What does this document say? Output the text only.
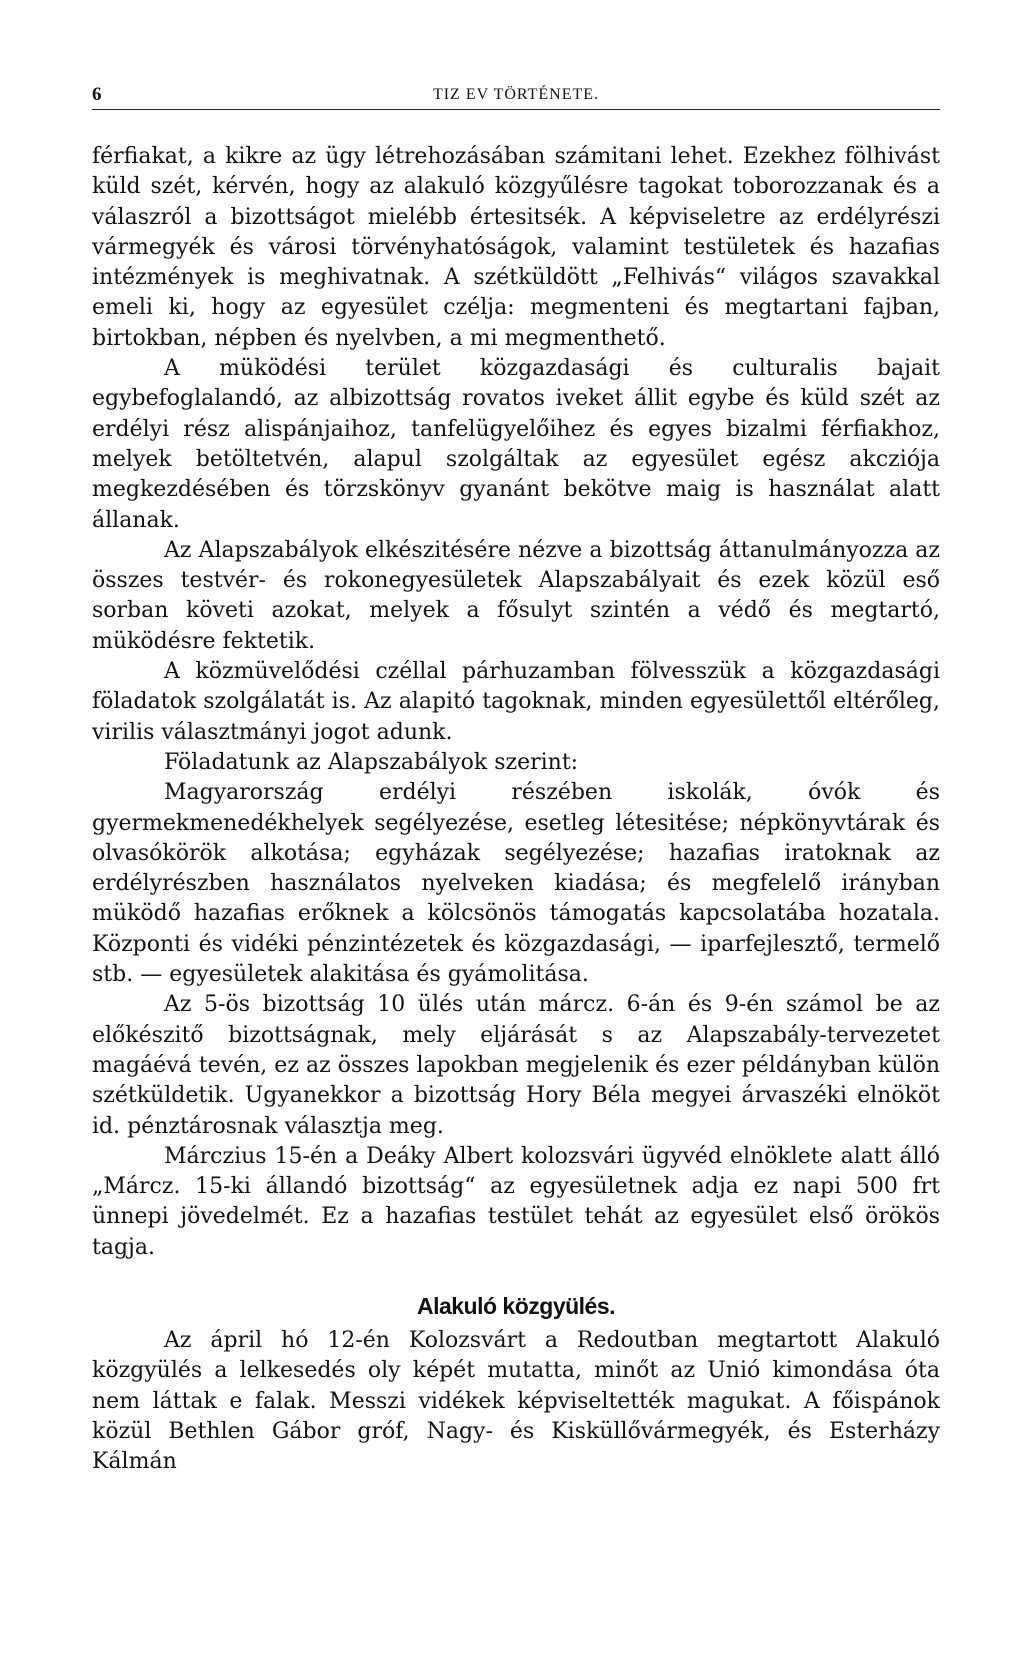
6	TIZ EV TÖRTÉNETE.

férfiakat, a kikre az ügy létrehozásában számitani lehet. Ezekhez fölhivást küld szét, kérvén, hogy az alakuló közgyűlésre tagokat toborozzanak és a válaszról a bizottságot mielébb értesitsék. A képviseletre az erdélyrészi vármegyék és városi törvényhatóságok, valamint testületek és hazafias intézmények is meghivatnak. A szétküldött „Felhivás“ világos szavakkal emeli ki, hogy az egyesület czélja: megmenteni és megtartani fajban, birtokban, népben és nyelvben, a mi megmenthető.

A müködési terület közgazdasági és culturalis bajait egybefoglalandó, az albizottság rovatos iveket állit egybe és küld szét az erdélyi rész alispánjaihoz, tanfelügyelőihez és egyes bizalmi férfiakhoz, melyek betöltetvén, alapul szolgáltak az egyesület egész akcziója megkezdésében és törzskönyv gyanánt bekötve maig is használat alatt állanak.

Az Alapszabályok elkészitésére nézve a bizottság áttanulmányozza az összes testvér- és rokonegyesületek Alapszabályait és ezek közül eső sorban követi azokat, melyek a fősulyt szintén a védő és megtartó, müködésre fektetik.

A közmüvelődési czéllal párhuzamban fölvesszük a közgazdasági föladatok szolgálatát is. Az alapitó tagoknak, minden egyesülettől eltérőleg, virilis választmányi jogot adunk.

Föladatunk az Alapszabályok szerint:

Magyarország erdélyi részében iskolák, óvók és gyermekmenedékhelyek segélyezése, esetleg létesitése; népkönyvtárak és olvasókörök alkotása; egyházak segélyezése; hazafias iratoknak az erdélyrészben használatos nyelveken kiadása; és megfelelő irányban müködő hazafias erőknek a kölcsönös támogatás kapcsolatába hozatala. Központi és vidéki pénzintézetek és közgazdasági, — iparfejlesztő, termelő stb. — egyesületek alakitása és gyámolitása.

Az 5-ös bizottság 10 ülés után márcz. 6-án és 9-én számol be az előkészitő bizottságnak, mely eljárását s az Alapszabály-tervezetet magáévá tevén, ez az összes lapokban megjelenik és ezer példányban külön szétküldetik. Ugyanekkor a bizottság Hory Béla megyei árvaszéki elnököt id. pénztárosnak választja meg.

Márczius 15-én a Deáky Albert kolozsvári ügyvéd elnöklete alatt álló „Márcz. 15-ki állandó bizottság“ az egyesületnek adja ez napi 500 frt ünnepi jövedelmét. Ez a hazafias testület tehát az egyesület első örökös tagja.

Alakuló közgyülés.

Az ápril hó 12-én Kolozsvárt a Redoutban megtartott Alakuló közgyülés a lelkesedés oly képét mutatta, minőt az Unió kimondása óta nem láttak e falak. Messzi vidékek képviseltették magukat. A főispánok közül Bethlen Gábor gróf, Nagy- és Kisküllővármegyék, és Esterházy Kálmán
